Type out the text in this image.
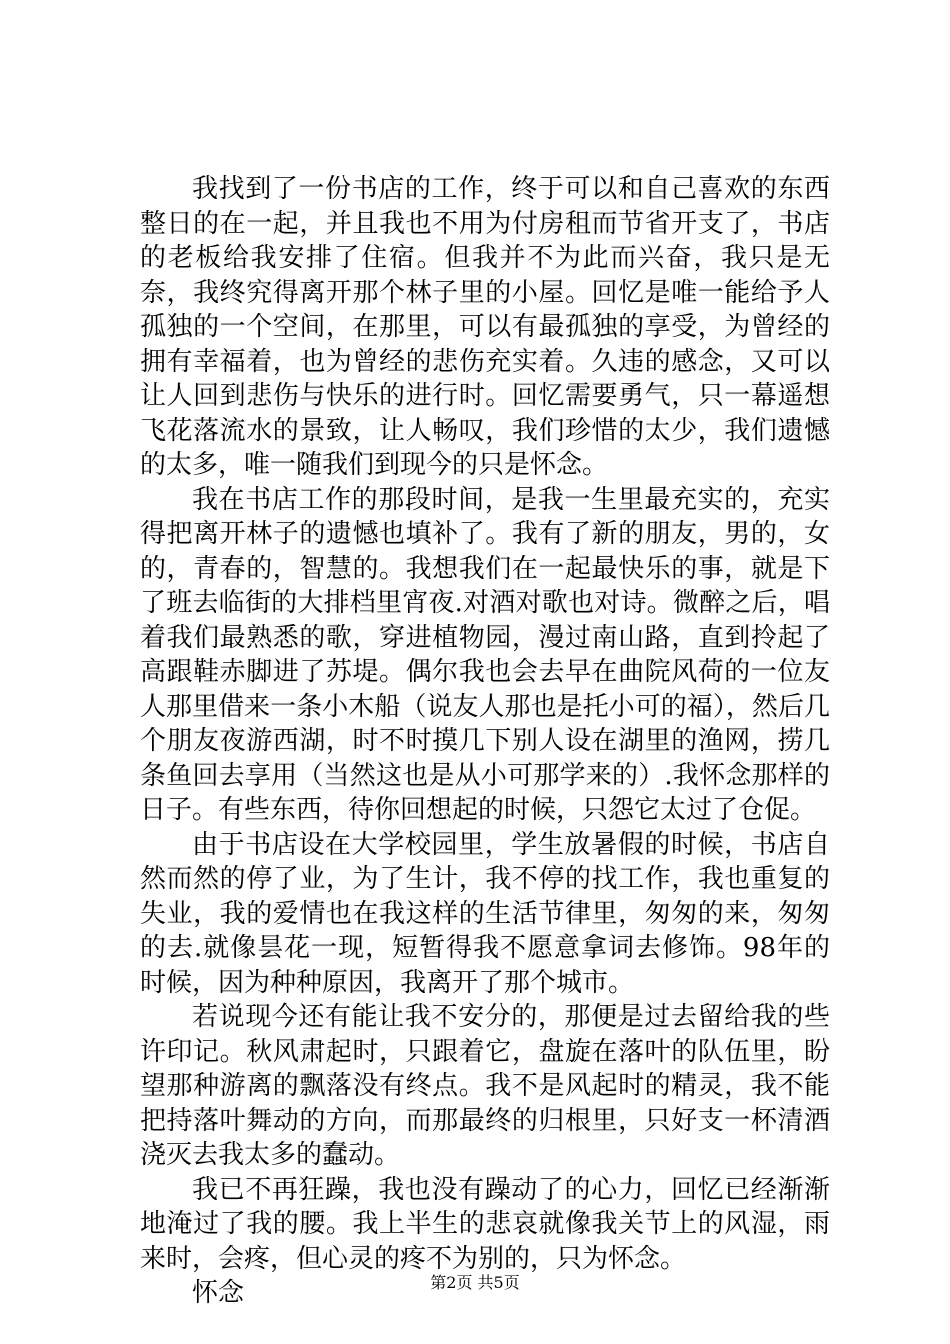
我找到了一份书店的工作，终于可以和自己喜欢的东西整日的在一起，并且我也不用为付房租而节省开支了，书店的老板给我安排了住宿。但我并不为此而兴奋，我只是无奈，我终究得离开那个林子里的小屋。回忆是唯一能给予人孤独的一个空间，在那里，可以有最孤独的享受，为曾经的拥有幸福着，也为曾经的悲伤充实着。久违的感念，又可以让人回到悲伤与快乐的进行时。回忆需要勇气，只一幕遥想飞花落流水的景致，让人畅叹，我们珍惜的太少，我们遗憾的太多，唯一随我们到现今的只是怀念。

我在书店工作的那段时间，是我一生里最充实的，充实得把离开林子的遗憾也填补了。我有了新的朋友，男的，女的，青春的，智慧的。我想我们在一起最快乐的事，就是下了班去临街的大排档里宵夜.对酒对歌也对诗。微醉之后，唱着我们最熟悉的歌，穿进植物园，漫过南山路，直到拎起了高跟鞋赤脚进了苏堤。偶尔我也会去早在曲院风荷的一位友人那里借来一条小木船（说友人那也是托小可的福），然后几个朋友夜游西湖，时不时摸几下别人设在湖里的渔网，捞几条鱼回去享用（当然这也是从小可那学来的）.我怀念那样的日子。有些东西，待你回想起的时候，只怨它太过了仓促。

由于书店设在大学校园里，学生放暑假的时候，书店自然而然的停了业，为了生计，我不停的找工作，我也重复的失业，我的爱情也在我这样的生活节律里，匆匆的来，匆匆的去.就像昙花一现，短暂得我不愿意拿词去修饰。98年的时候，因为种种原因，我离开了那个城市。

若说现今还有能让我不安分的，那便是过去留给我的些许印记。秋风肃起时，只跟着它，盘旋在落叶的队伍里，盼望那种游离的飘落没有终点。我不是风起时的精灵，我不能把持落叶舞动的方向，而那最终的归根里，只好支一杯清酒浇灭去我太多的蠢动。

我已不再狂躁，我也没有躁动了的心力，回忆已经渐渐地淹过了我的腰。我上半生的悲哀就像我关节上的风湿，雨来时，会疼，但心灵的疼不为别的，只为怀念。

怀念	第2页 共5页
